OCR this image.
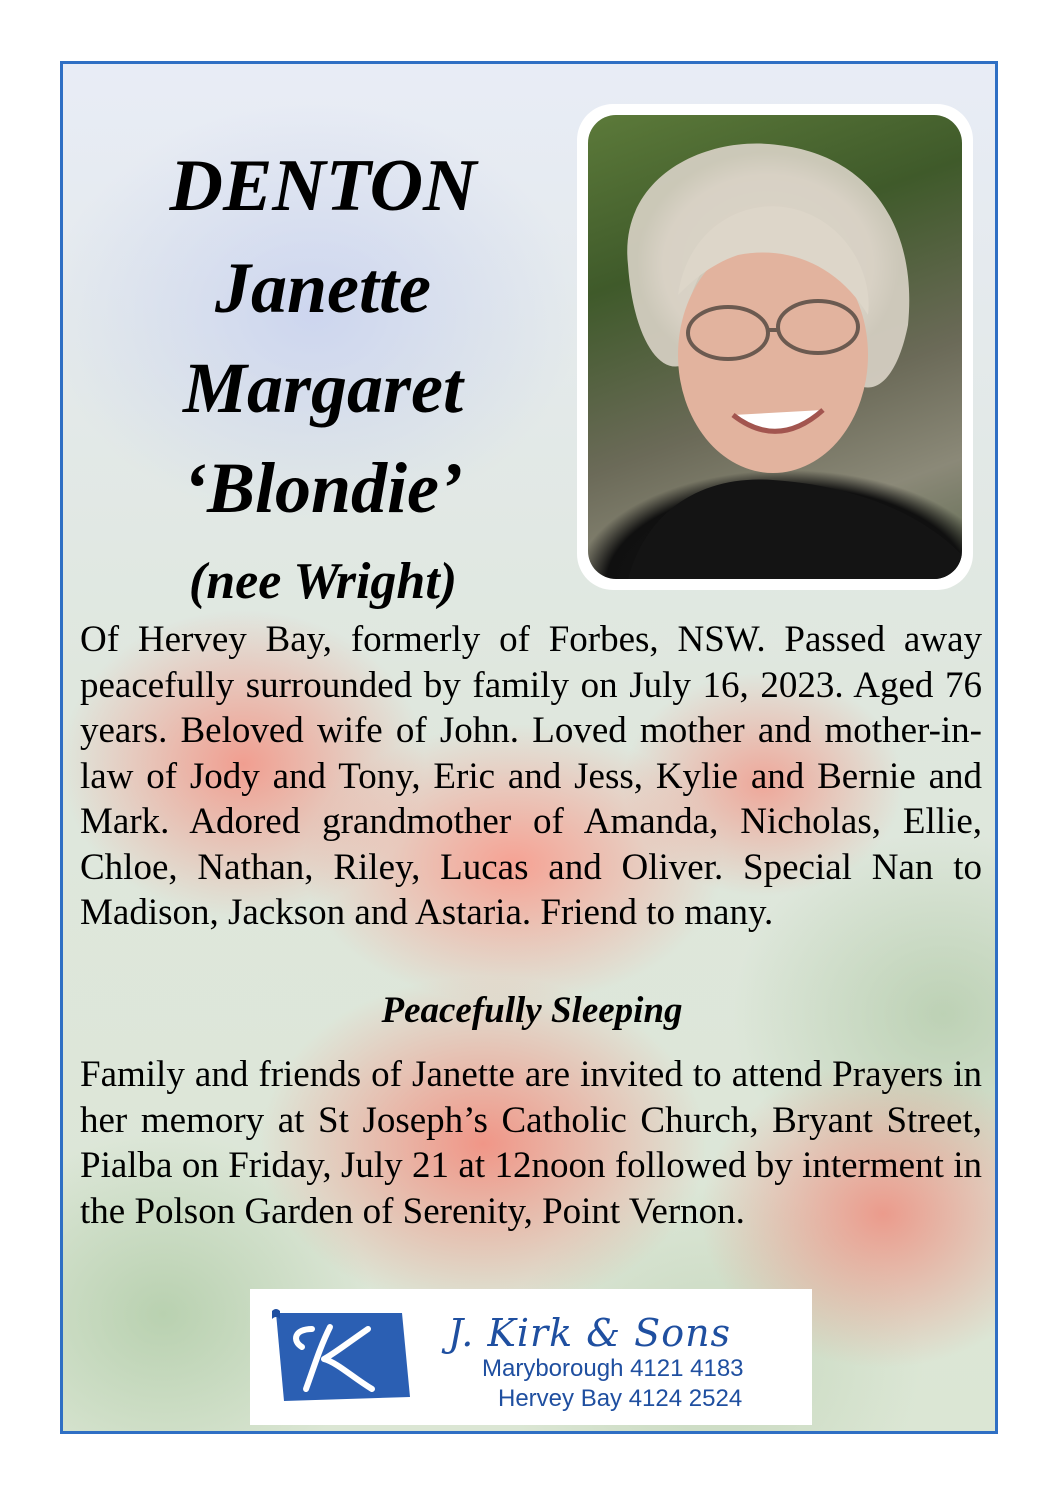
DENTON
Janette
Margaret
‘Blondie’
(nee Wright)

Of Hervey Bay, formerly of Forbes, NSW. Passed away peacefully surrounded by family on July 16, 2023. Aged 76 years. Beloved wife of John. Loved mother and mother-in-law of Jody and Tony, Eric and Jess, Kylie and Bernie and Mark. Adored grandmother of Amanda, Nicholas, Ellie, Chloe, Nathan, Riley, Lucas and Oliver. Special Nan to Madison, Jackson and Astaria. Friend to many.

Peacefully Sleeping

Family and friends of Janette are invited to attend Prayers in her memory at St Joseph’s Catholic Church, Bryant Street, Pialba on Friday, July 21 at 12noon followed by interment in the Polson Garden of Serenity, Point Vernon.

J. Kirk & Sons
Maryborough 4121 4183
Hervey Bay 4124 2524
